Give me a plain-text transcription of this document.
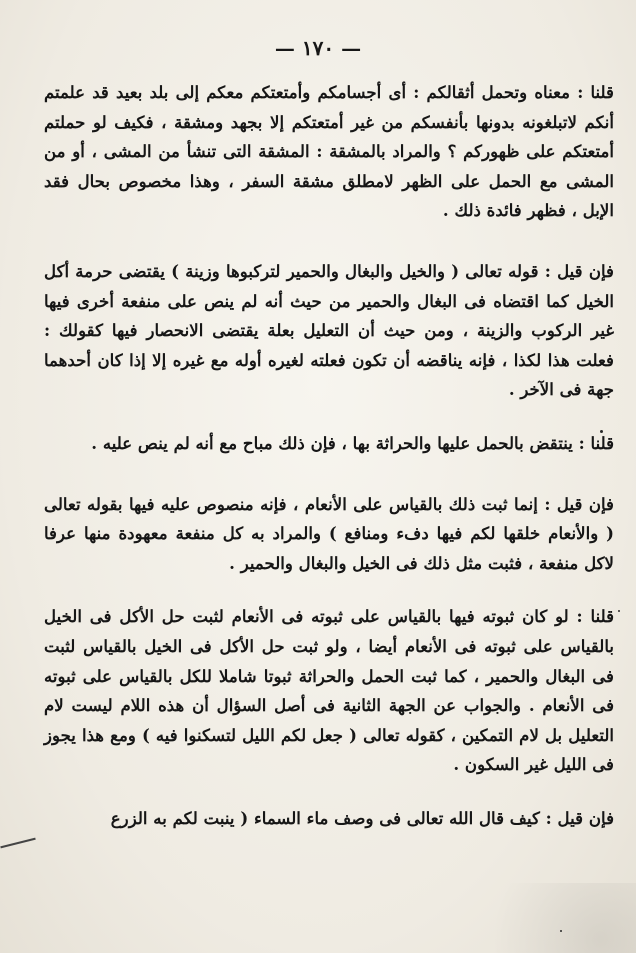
— ١٧٠ —

قلنا : معناه وتحمل أثقالكم : أى أجسامكم وأمتعتكم معكم إلى بلد بعيد قد علمتم أنكم لاتبلغونه بدونها بأنفسكم من غير أمتعتكم إلا بجهد ومشقة ، فكيف لو حملتم أمتعتكم على ظهوركم ؟ والمراد بالمشقة : المشقة التى تنشأ من المشى ، أو من المشى مع الحمل على الظهر لامطلق مشقة السفر ، وهذا مخصوص بحال فقد الإبل ، فظهر فائدة ذلك .

فإن قيل : قوله تعالى ( والخيل والبغال والحمير لتركبوها وزينة ) يقتضى حرمة أكل الخيل كما اقتضاه فى البغال والحمير من حيث أنه لم ينص على منفعة أخرى فيها غير الركوب والزينة ، ومن حيث أن التعليل بعلة يقتضى الانحصار فيها كقولك : فعلت هذا لكذا ، فإنه يناقضه أن تكون فعلته لغيره أوله مع غيره إلا إذا كان أحدهما جهة فى الآخر .

قلنا : ينتقض بالحمل عليها والحراثة بها ، فإن ذلك مباح مع أنه لم ينص عليه .

فإن قيل : إنما ثبت ذلك بالقياس على الأنعام ، فإنه منصوص عليه فيها بقوله تعالى ( والأنعام خلقها لكم فيها دفء ومنافع ) والمراد به كل منفعة معهودة منها عرفا لاكل منفعة ، فثبت مثل ذلك فى الخيل والبغال والحمير .

قلنا : لو كان ثبوته فيها بالقياس على ثبوته فى الأنعام لثبت حل الأكل فى الخيل بالقياس على ثبوته فى الأنعام أيضا ، ولو ثبت حل الأكل فى الخيل بالقياس لثبت فى البغال والحمير ، كما ثبت الحمل والحراثة ثبوتا شاملا للكل بالقياس على ثبوته فى الأنعام . والجواب عن الجهة الثانية فى أصل السؤال أن هذه اللام ليست لام التعليل بل لام التمكين ، كقوله تعالى ( جعل لكم الليل لتسكنوا فيه ) ومع هذا يجوز فى الليل غير السكون .

فإن قيل : كيف قال الله تعالى فى وصف ماء السماء ( ينبت لكم به الزرع
